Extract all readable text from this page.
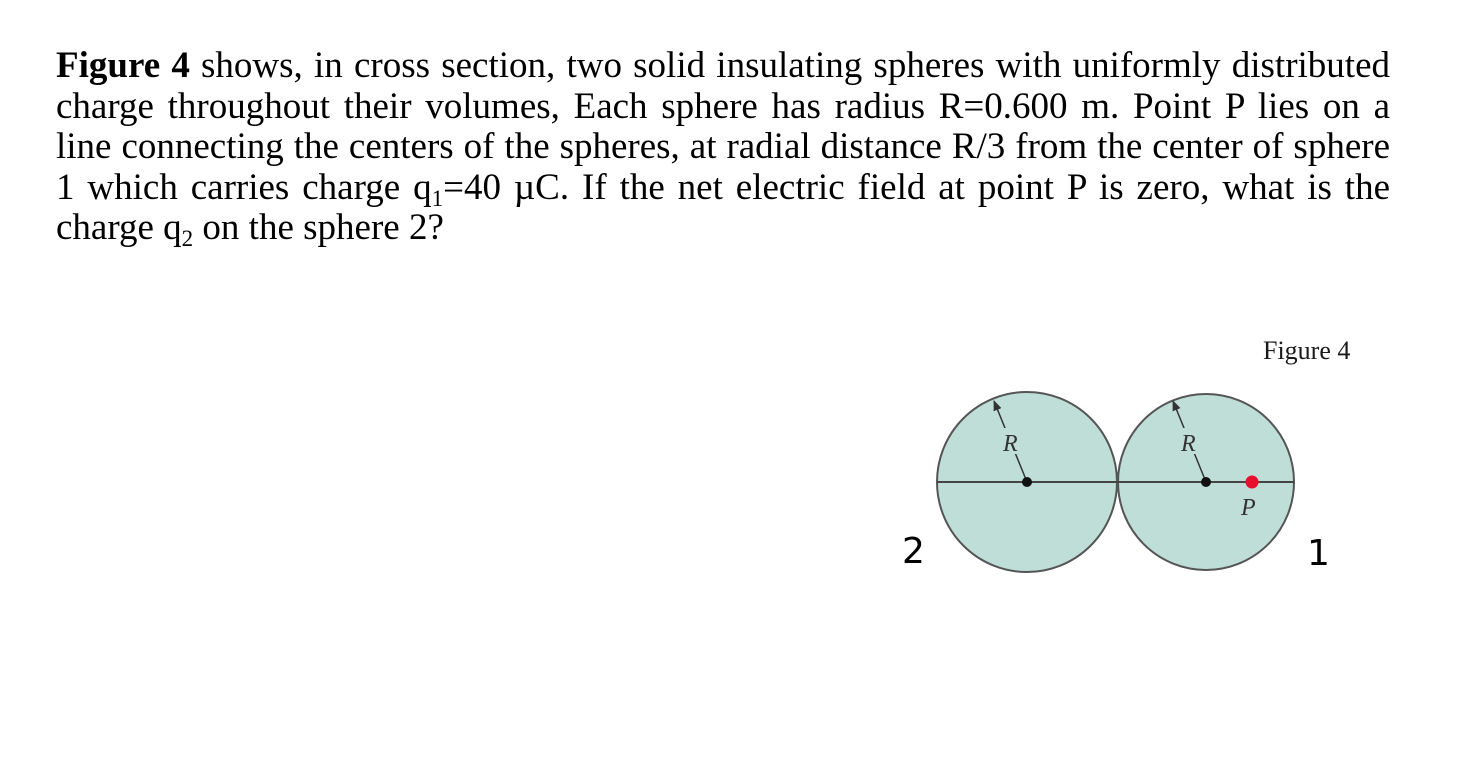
Figure 4 shows, in cross section, two solid insulating spheres with uniformly distributed charge throughout their volumes, Each sphere has radius R=0.600 m. Point P lies on a line connecting the centers of the spheres, at radial distance R/3 from the center of sphere 1 which carries charge $q_1=40$ µC. If the net electric field at point P is zero, what is the charge $q_2$ on the sphere 2?

Figure 4
R	R
P
2	1
